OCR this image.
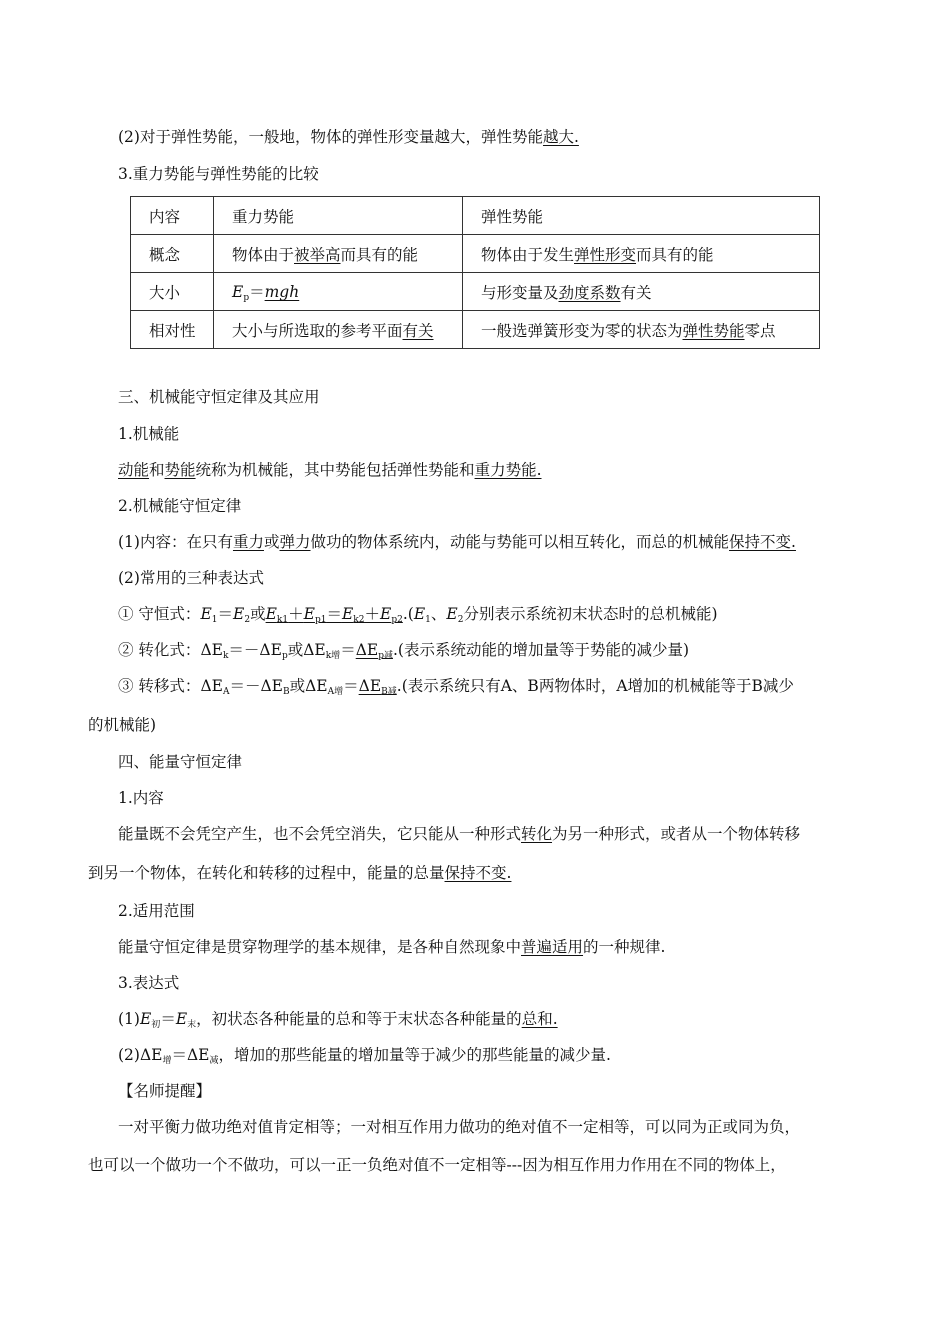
(2)对于弹性势能，一般地，物体的弹性形变量越大，弹性势能越大.
3.重力势能与弹性势能的比较
内容	重力势能	弹性势能
概念	物体由于被举高而具有的能	物体由于发生弹性形变而具有的能
大小	$E_p=mgh$	与形变量及劲度系数有关
相对性	大小与所选取的参考平面有关	一般选弹簧形变为零的状态为弹性势能零点
三、机械能守恒定律及其应用
1.机械能
动能和势能统称为机械能，其中势能包括弹性势能和重力势能.
2.机械能守恒定律
(1)内容：在只有重力或弹力做功的物体系统内，动能与势能可以相互转化，而总的机械能保持不变.
(2)常用的三种表达式
① 守恒式：$E_1=E_2$或$E_{k1}+E_{p1}=E_{k2}+E_{p2}.(E_1$、$E_2$分别表示系统初末状态时的总机械能)
② 转化式：$\Delta E_k=-\Delta E_p$或$\Delta E_{k增}=\Delta E_{p减}$.(表示系统动能的增加量等于势能的减少量)
③ 转移式：$\Delta E_A=-\Delta E_B$或$\Delta E_{A增}=\Delta E_{B减}$.(表示系统只有A、B两物体时，A增加的机械能等于B减少
的机械能)
四、能量守恒定律
1.内容
能量既不会凭空产生，也不会凭空消失，它只能从一种形式转化为另一种形式，或者从一个物体转移
到另一个物体，在转化和转移的过程中，能量的总量保持不变.
2.适用范围
能量守恒定律是贯穿物理学的基本规律，是各种自然现象中普遍适用的一种规律.
3.表达式
$(1)E_初=E_末$，初状态各种能量的总和等于末状态各种能量的总和.
$(2)\Delta E_增=\Delta E_减$，增加的那些能量的增加量等于减少的那些能量的减少量.
【名师提醒】
一对平衡力做功绝对值肯定相等；一对相互作用力做功的绝对值不一定相等，可以同为正或同为负，
也可以一个做功一个不做功，可以一正一负绝对值不一定相等---因为相互作用力作用在不同的物体上，
